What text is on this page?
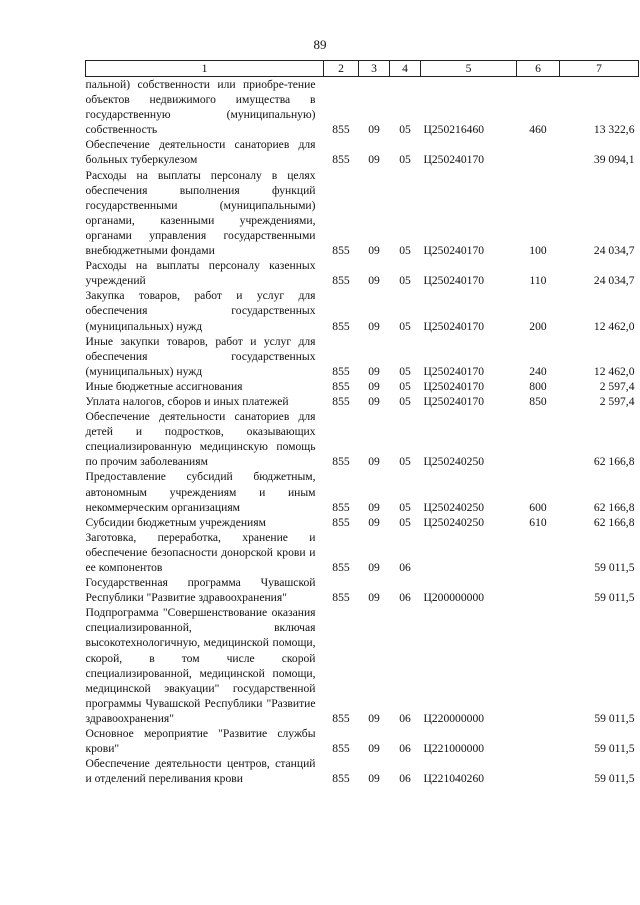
89
1	2	3	4	5	6	7
пальной) собственности или приобре-тение объектов недвижимого имущества в государственную (муниципальную) собственность	855	09	05	Ц250216460	460	13 322,6
Обеспечение деятельности санаториев для больных туберкулезом	855	09	05	Ц250240170		39 094,1
Расходы на выплаты персоналу в целях обеспечения выполнения функций государственными (муниципальными) органами, казенными учреждениями, органами управления государственными внебюджетными фондами	855	09	05	Ц250240170	100	24 034,7
Расходы на выплаты персоналу казенных учреждений	855	09	05	Ц250240170	110	24 034,7
Закупка товаров, работ и услуг для обеспечения государственных (муниципальных) нужд	855	09	05	Ц250240170	200	12 462,0
Иные закупки товаров, работ и услуг для обеспечения государственных (муниципальных) нужд	855	09	05	Ц250240170	240	12 462,0
Иные бюджетные ассигнования	855	09	05	Ц250240170	800	2 597,4
Уплата налогов, сборов и иных платежей	855	09	05	Ц250240170	850	2 597,4
Обеспечение деятельности санаториев для детей и подростков, оказывающих специализированную медицинскую помощь по прочим заболеваниям	855	09	05	Ц250240250		62 166,8
Предоставление субсидий бюджетным, автономным учреждениям и иным некоммерческим организациям	855	09	05	Ц250240250	600	62 166,8
Субсидии бюджетным учреждениям	855	09	05	Ц250240250	610	62 166,8
Заготовка, переработка, хранение и обеспечение безопасности донорской крови и ее компонентов	855	09	06			59 011,5
Государственная программа Чувашской Республики "Развитие здравоохранения"	855	09	06	Ц200000000		59 011,5
Подпрограмма "Совершенствование оказания специализированной, включая высокотехнологичную, медицинской помощи, скорой, в том числе скорой специализированной, медицинской помощи, медицинской эвакуации" государственной программы Чувашской Республики "Развитие здравоохранения"	855	09	06	Ц220000000		59 011,5
Основное мероприятие "Развитие службы крови"	855	09	06	Ц221000000		59 011,5
Обеспечение деятельности центров, станций и отделений переливания крови	855	09	06	Ц221040260		59 011,5
